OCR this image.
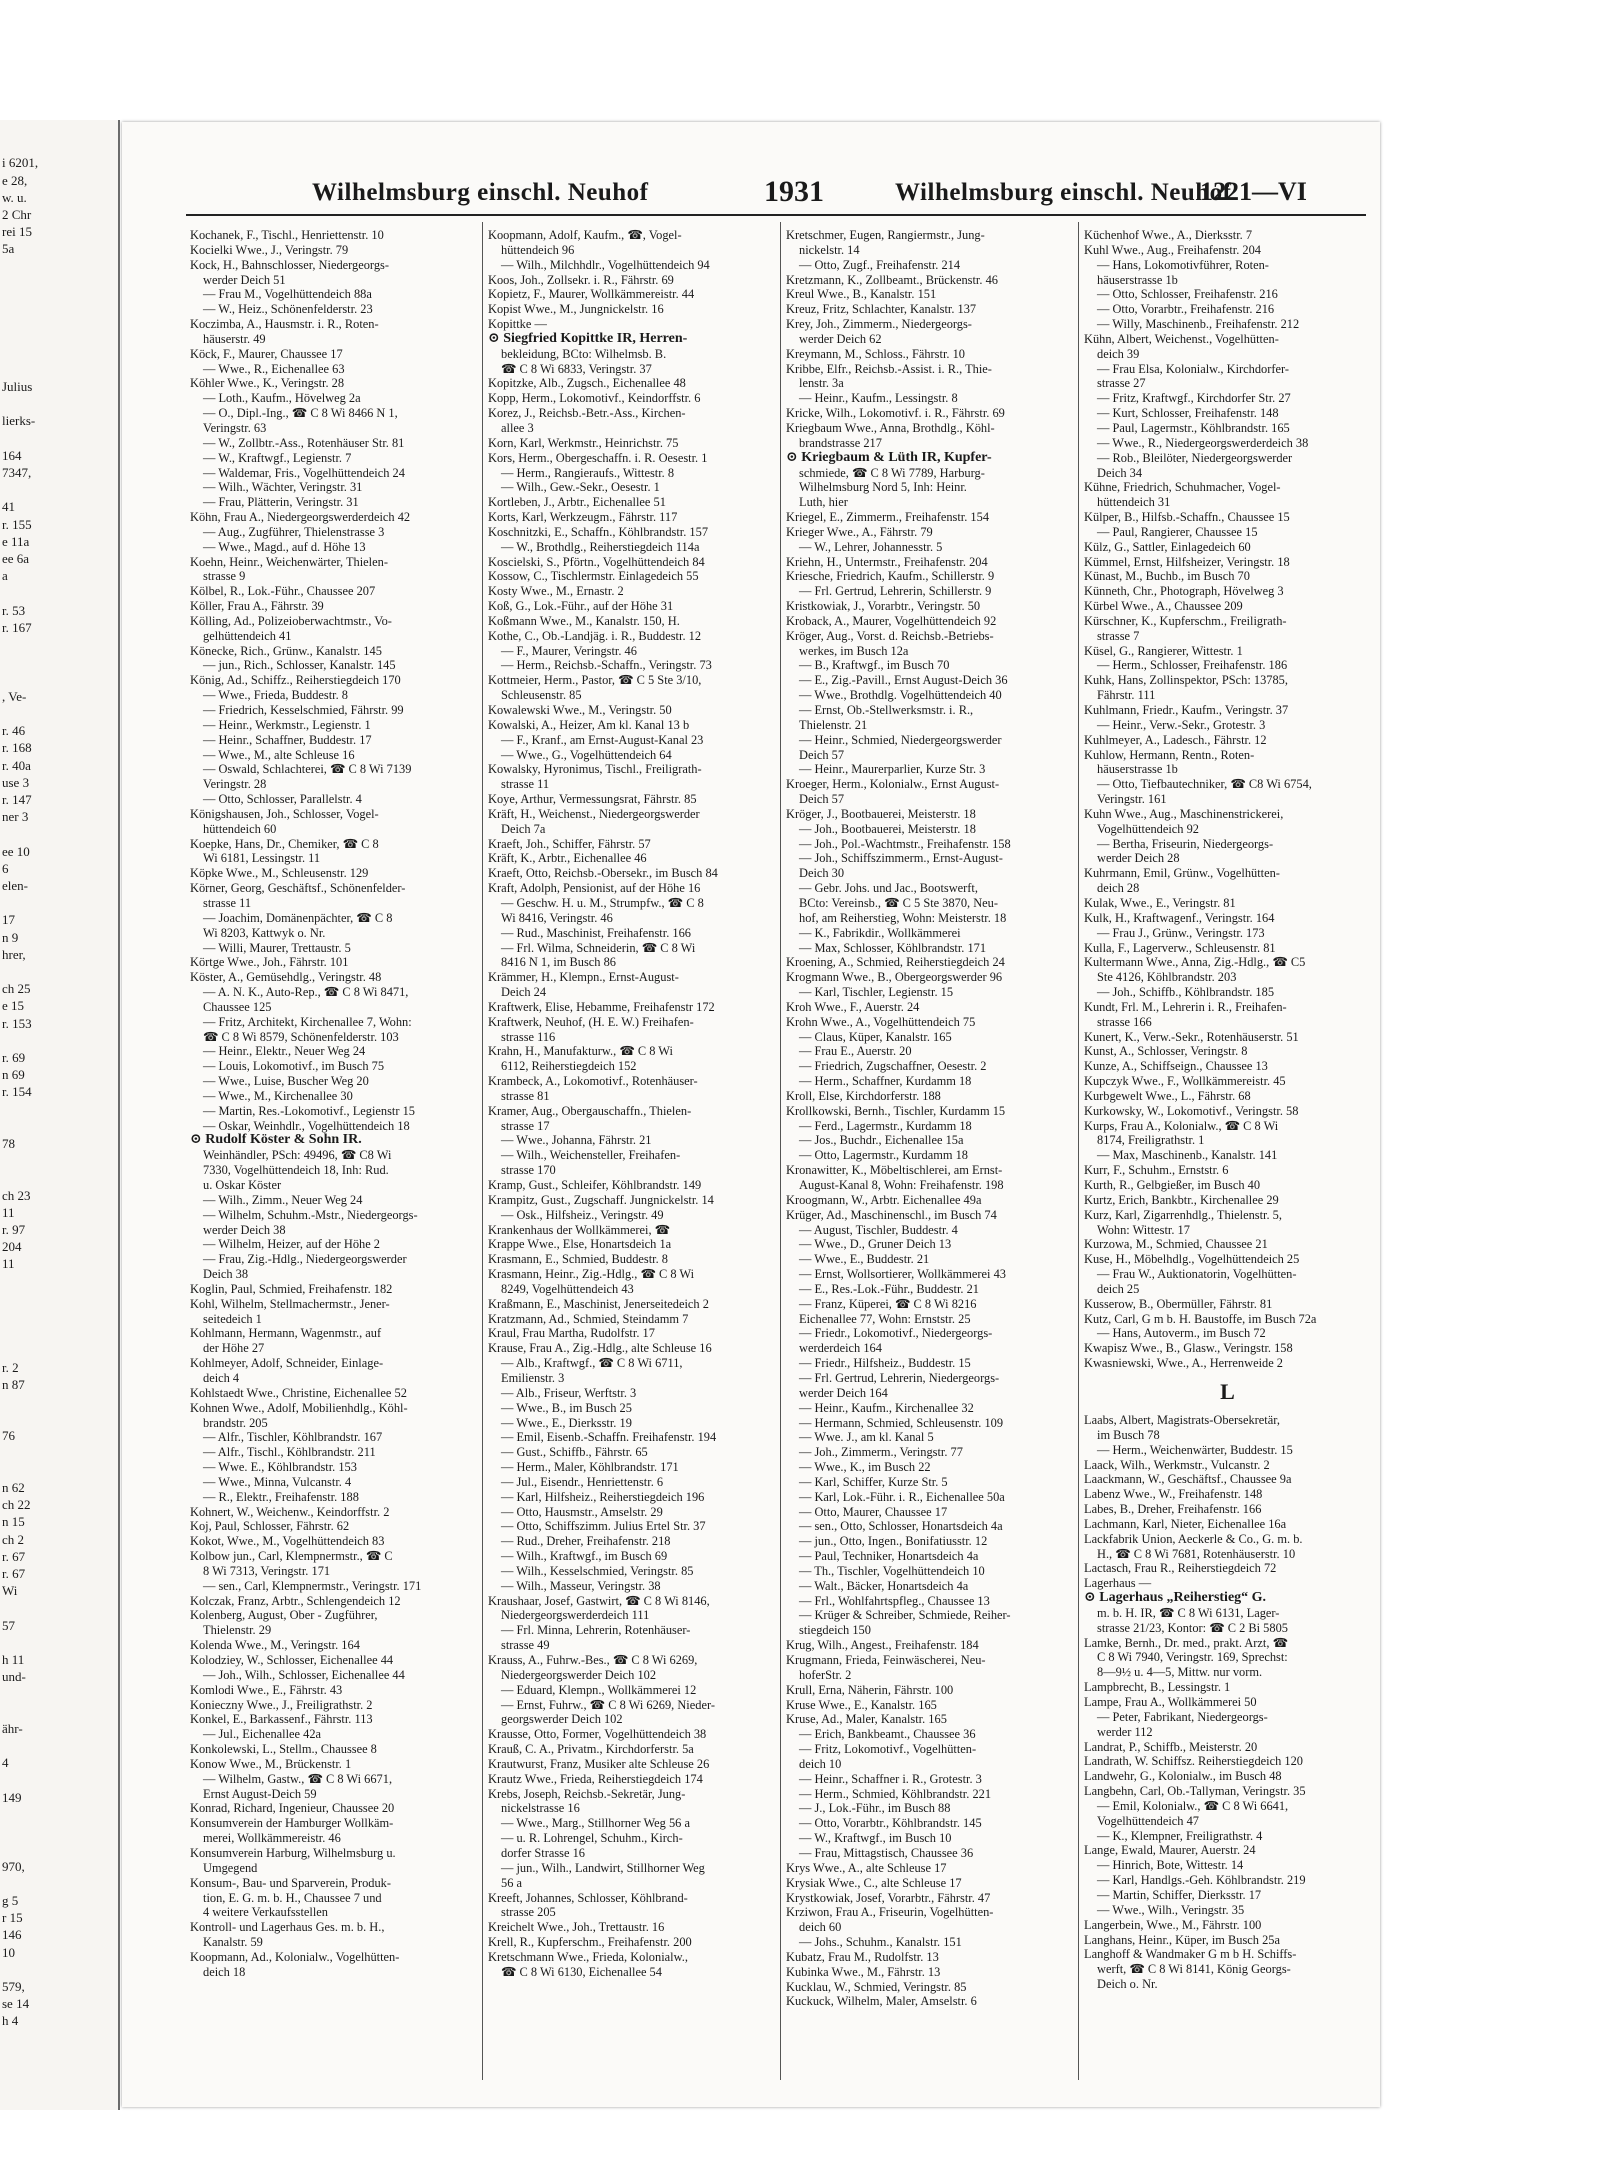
i 6201,
e 28,
w. u.
2 Chr
rei 15
5a

Julius

lierks-

164
7347,

41
r. 155
e 11a
ee 6a
a

r. 53
r. 167

, Ve-

r. 46
r. 168
r. 40a
use 3
r. 147
ner 3

ee 10
6
elen-

17
n 9
hrer,

ch 25
e 15
r. 153

r. 69
n 69
r. 154

78

ch 23
11
r. 97
204
11

r. 2
n 87

76

n 62
ch 22
n 15
ch 2
r. 67
r. 67
Wi

57

h 11
und-

ähr-

4

149

970,

g 5
r 15
146
10

579,
se 14
h 4

Wilhelmsburg einschl. Neuhof	1931	Wilhelmsburg einschl. Neuhof
1221—VI
Kochanek, F., Tischl., Henriettenstr. 10
Kocielki Wwe., J., Veringstr. 79
Kock, H., Bahnschlosser, Niedergeorgs-
werder Deich 51
— Frau M., Vogelhüttendeich 88a
— W., Heiz., Schönenfelderstr. 23
Koczimba, A., Hausmstr. i. R., Roten-
häuserstr. 49
Köck, F., Maurer, Chaussee 17
— Wwe., R., Eichenallee 63
Köhler Wwe., K., Veringstr. 28
— Loth., Kaufm., Hövelweg 2a
— O., Dipl.-Ing., ☎ C 8 Wi 8466 N 1,
Veringstr. 63
— W., Zollbtr.-Ass., Rotenhäuser Str. 81
— W., Kraftwgf., Legienstr. 7
— Waldemar, Fris., Vogelhüttendeich 24
— Wilh., Wächter, Veringstr. 31
— Frau, Plätterin, Veringstr. 31
Köhn, Frau A., Niedergeorgswerderdeich 42
— Aug., Zugführer, Thielenstrasse 3
— Wwe., Magd., auf d. Höhe 13
Koehn, Heinr., Weichenwärter, Thielen-
strasse 9
Kölbel, R., Lok.-Führ., Chaussee 207
Köller, Frau A., Fährstr. 39
Kölling, Ad., Polizeioberwachtmstr., Vo-
gelhüttendeich 41
Könecke, Rich., Grünw., Kanalstr. 145
— jun., Rich., Schlosser, Kanalstr. 145
König, Ad., Schiffz., Reiherstiegdeich 170
— Wwe., Frieda, Buddestr. 8
— Friedrich, Kesselschmied, Fährstr. 99
— Heinr., Werkmstr., Legienstr. 1
— Heinr., Schaffner, Buddestr. 17
— Wwe., M., alte Schleuse 16
— Oswald, Schlachterei, ☎ C 8 Wi 7139
Veringstr. 28
— Otto, Schlosser, Parallelstr. 4
Königshausen, Joh., Schlosser, Vogel-
hüttendeich 60
Koepke, Hans, Dr., Chemiker, ☎ C 8
Wi 6181, Lessingstr. 11
Köpke Wwe., M., Schleusenstr. 129
Körner, Georg, Geschäftsf., Schönenfelder-
strasse 11
— Joachim, Domänenpächter, ☎ C 8
Wi 8203, Kattwyk o. Nr.
— Willi, Maurer, Trettaustr. 5
Körtge Wwe., Joh., Fährstr. 101
Köster, A., Gemüsehdlg., Veringstr. 48
— A. N. K., Auto-Rep., ☎ C 8 Wi 8471,
Chaussee 125
— Fritz, Architekt, Kirchenallee 7, Wohn:
☎ C 8 Wi 8579, Schönenfelderstr. 103
— Heinr., Elektr., Neuer Weg 24
— Louis, Lokomotivf., im Busch 75
— Wwe., Luise, Buscher Weg 20
— Wwe., M., Kirchenallee 30
— Martin, Res.-Lokomotivf., Legienstr 15
— Oskar, Weinhdlr., Vogelhüttendeich 18
⊙ Rudolf Köster & Sohn IR.
Weinhändler, PSch: 49496, ☎ C8 Wi
7330, Vogelhüttendeich 18, Inh: Rud.
u. Oskar Köster
— Wilh., Zimm., Neuer Weg 24
— Wilhelm, Schuhm.-Mstr., Niedergeorgs-
werder Deich 38
— Wilhelm, Heizer, auf der Höhe 2
— Frau, Zig.-Hdlg., Niedergeorgswerder
Deich 38
Koglin, Paul, Schmied, Freihafenstr. 182
Kohl, Wilhelm, Stellmachermstr., Jener-
seitedeich 1
Kohlmann, Hermann, Wagenmstr., auf
der Höhe 27
Kohlmeyer, Adolf, Schneider, Einlage-
deich 4
Kohlstaedt Wwe., Christine, Eichenallee 52
Kohnen Wwe., Adolf, Mobilienhdlg., Köhl-
brandstr. 205
— Alfr., Tischler, Köhlbrandstr. 167
— Alfr., Tischl., Köhlbrandstr. 211
— Wwe. E., Köhlbrandstr. 153
— Wwe., Minna, Vulcanstr. 4
— R., Elektr., Freihafenstr. 188
Kohnert, W., Weichenw., Keindorffstr. 2
Koj, Paul, Schlosser, Fährstr. 62
Kokot, Wwe., M., Vogelhüttendeich 83
Kolbow jun., Carl, Klempnermstr., ☎ C
8 Wi 7313, Veringstr. 171
— sen., Carl, Klempnermstr., Veringstr. 171
Kolczak, Franz, Arbtr., Schlengendeich 12
Kolenberg, August, Ober - Zugführer,
Thielenstr. 29
Kolenda Wwe., M., Veringstr. 164
Kolodziey, W., Schlosser, Eichenallee 44
— Joh., Wilh., Schlosser, Eichenallee 44
Komlodi Wwe., E., Fährstr. 43
Konieczny Wwe., J., Freiligrathstr. 2
Konkel, E., Barkassenf., Fährstr. 113
— Jul., Eichenallee 42a
Konkolewski, L., Stellm., Chaussee 8
Konow Wwe., M., Brückenstr. 1
— Wilhelm, Gastw., ☎ C 8 Wi 6671,
Ernst August-Deich 59
Konrad, Richard, Ingenieur, Chaussee 20
Konsumverein der Hamburger Wollkäm-
merei, Wollkämmereistr. 46
Konsumverein Harburg, Wilhelmsburg u.
Umgegend
Konsum-, Bau- und Sparverein, Produk-
tion, E. G. m. b. H., Chaussee 7 und
4 weitere Verkaufsstellen
Kontroll- und Lagerhaus Ges. m. b. H.,
Kanalstr. 59
Koopmann, Ad., Kolonialw., Vogelhütten-
deich 18
Koopmann, Adolf, Kaufm., ☎, Vogel-
hüttendeich 96
— Wilh., Milchhdlr., Vogelhüttendeich 94
Koos, Joh., Zollsekr. i. R., Fährstr. 69
Kopietz, F., Maurer, Wollkämmereistr. 44
Kopist Wwe., M., Jungnickelstr. 16
Kopittke —
⊙ Siegfried Kopittke IR, Herren-
bekleidung, BCto: Wilhelmsb. B.
☎ C 8 Wi 6833, Veringstr. 37
Kopitzke, Alb., Zugsch., Eichenallee 48
Kopp, Herm., Lokomotivf., Keindorffstr. 6
Korez, J., Reichsb.-Betr.-Ass., Kirchen-
allee 3
Korn, Karl, Werkmstr., Heinrichstr. 75
Kors, Herm., Obergeschaffn. i. R. Oesestr. 1
— Herm., Rangieraufs., Wittestr. 8
— Wilh., Gew.-Sekr., Oesestr. 1
Kortleben, J., Arbtr., Eichenallee 51
Korts, Karl, Werkzeugm., Fährstr. 117
Koschnitzki, E., Schaffn., Köhlbrandstr. 157
— W., Brothdlg., Reiherstiegdeich 114a
Koscielski, S., Pförtn., Vogelhüttendeich 84
Kossow, C., Tischlermstr. Einlagedeich 55
Kosty Wwe., M., Ernastr. 2
Koß, G., Lok.-Führ., auf der Höhe 31
Koßmann Wwe., M., Kanalstr. 150, H.
Kothe, C., Ob.-Landjäg. i. R., Buddestr. 12
— F., Maurer, Veringstr. 46
— Herm., Reichsb.-Schaffn., Veringstr. 73
Kottmeier, Herm., Pastor, ☎ C 5 Ste 3/10,
Schleusenstr. 85
Kowalewski Wwe., M., Veringstr. 50
Kowalski, A., Heizer, Am kl. Kanal 13 b
— F., Kranf., am Ernst-August-Kanal 23
— Wwe., G., Vogelhüttendeich 64
Kowalsky, Hyronimus, Tischl., Freiligrath-
strasse 11
Koye, Arthur, Vermessungsrat, Fährstr. 85
Kräft, H., Weichenst., Niedergeorgswerder
Deich 7a
Kraeft, Joh., Schiffer, Fährstr. 57
Kräft, K., Arbtr., Eichenallee 46
Kraeft, Otto, Reichsb.-Obersekr., im Busch 84
Kraft, Adolph, Pensionist, auf der Höhe 16
— Geschw. H. u. M., Strumpfw., ☎ C 8
Wi 8416, Veringstr. 46
— Rud., Maschinist, Freihafenstr. 166
— Frl. Wilma, Schneiderin, ☎ C 8 Wi
8416 N 1, im Busch 86
Krämmer, H., Klempn., Ernst-August-
Deich 24
Kraftwerk, Elise, Hebamme, Freihafenstr 172
Kraftwerk, Neuhof, (H. E. W.) Freihafen-
strasse 116
Krahn, H., Manufakturw., ☎ C 8 Wi
6112, Reiherstiegdeich 152
Krambeck, A., Lokomotivf., Rotenhäuser-
strasse 81
Kramer, Aug., Obergauschaffn., Thielen-
strasse 17
— Wwe., Johanna, Fährstr. 21
— Wilh., Weichensteller, Freihafen-
strasse 170
Kramp, Gust., Schleifer, Köhlbrandstr. 149
Krampitz, Gust., Zugschaff. Jungnickelstr. 14
— Osk., Hilfsheiz., Veringstr. 49
Krankenhaus der Wollkämmerei, ☎
Krappe Wwe., Else, Honartsdeich 1a
Krasmann, E., Schmied, Buddestr. 8
Krasmann, Heinr., Zig.-Hdlg., ☎ C 8 Wi
8249, Vogelhüttendeich 43
Kraßmann, E., Maschinist, Jenerseitedeich 2
Kratzmann, Ad., Schmied, Steindamm 7
Kraul, Frau Martha, Rudolfstr. 17
Krause, Frau A., Zig.-Hdlg., alte Schleuse 16
— Alb., Kraftwgf., ☎ C 8 Wi 6711,
Emilienstr. 3
— Alb., Friseur, Werftstr. 3
— Wwe., B., im Busch 25
— Wwe., E., Dierksstr. 19
— Emil, Eisenb.-Schaffn. Freihafenstr. 194
— Gust., Schiffb., Fährstr. 65
— Herm., Maler, Köhlbrandstr. 171
— Jul., Eisendr., Henriettenstr. 6
— Karl, Hilfsheiz., Reiherstiegdeich 196
— Otto, Hausmstr., Amselstr. 29
— Otto, Schiffszimm. Julius Ertel Str. 37
— Rud., Dreher, Freihafenstr. 218
— Wilh., Kraftwgf., im Busch 69
— Wilh., Kesselschmied, Veringstr. 85
— Wilh., Masseur, Veringstr. 38
Kraushaar, Josef, Gastwirt, ☎ C 8 Wi 8146,
Niedergeorgswerderdeich 111
— Frl. Minna, Lehrerin, Rotenhäuser-
strasse 49
Krauss, A., Fuhrw.-Bes., ☎ C 8 Wi 6269,
Niedergeorgswerder Deich 102
— Eduard, Klempn., Wollkämmerei 12
— Ernst, Fuhrw., ☎ C 8 Wi 6269, Nieder-
georgswerder Deich 102
Krausse, Otto, Former, Vogelhüttendeich 38
Krauß, C. A., Privatm., Kirchdorferstr. 5a
Krautwurst, Franz, Musiker alte Schleuse 26
Krautz Wwe., Frieda, Reiherstiegdeich 174
Krebs, Joseph, Reichsb.-Sekretär, Jung-
nickelstrasse 16
— Wwe., Marg., Stillhorner Weg 56 a
— u. R. Lohrengel, Schuhm., Kirch-
dorfer Strasse 16
— jun., Wilh., Landwirt, Stillhorner Weg
56 a
Kreeft, Johannes, Schlosser, Köhlbrand-
strasse 205
Kreichelt Wwe., Joh., Trettaustr. 16
Krell, R., Kupferschm., Freihafenstr. 200
Kretschmann Wwe., Frieda, Kolonialw.,
☎ C 8 Wi 6130, Eichenallee 54
Kretschmer, Eugen, Rangiermstr., Jung-
nickelstr. 14
— Otto, Zugf., Freihafenstr. 214
Kretzmann, K., Zollbeamt., Brückenstr. 46
Kreul Wwe., B., Kanalstr. 151
Kreuz, Fritz, Schlachter, Kanalstr. 137
Krey, Joh., Zimmerm., Niedergeorgs-
werder Deich 62
Kreymann, M., Schloss., Fährstr. 10
Kribbe, Elfr., Reichsb.-Assist. i. R., Thie-
lenstr. 3a
— Heinr., Kaufm., Lessingstr. 8
Kricke, Wilh., Lokomotivf. i. R., Fährstr. 69
Kriegbaum Wwe., Anna, Brothdlg., Köhl-
brandstrasse 217
⊙ Kriegbaum & Lüth IR, Kupfer-
schmiede, ☎ C 8 Wi 7789, Harburg-
Wilhelmsburg Nord 5, Inh: Heinr.
Luth, hier
Kriegel, E., Zimmerm., Freihafenstr. 154
Krieger Wwe., A., Fährstr. 79
— W., Lehrer, Johannesstr. 5
Kriehn, H., Untermstr., Freihafenstr. 204
Kriesche, Friedrich, Kaufm., Schillerstr. 9
— Frl. Gertrud, Lehrerin, Schillerstr. 9
Kristkowiak, J., Vorarbtr., Veringstr. 50
Kroback, A., Maurer, Vogelhüttendeich 92
Kröger, Aug., Vorst. d. Reichsb.-Betriebs-
werkes, im Busch 12a
— B., Kraftwgf., im Busch 70
— E., Zig.-Pavill., Ernst August-Deich 36
— Wwe., Brothdlg. Vogelhüttendeich 40
— Ernst, Ob.-Stellwerksmstr. i. R.,
Thielenstr. 21
— Heinr., Schmied, Niedergeorgswerder
Deich 57
— Heinr., Maurerparlier, Kurze Str. 3
Kroeger, Herm., Kolonialw., Ernst August-
Deich 57
Kröger, J., Bootbauerei, Meisterstr. 18
— Joh., Bootbauerei, Meisterstr. 18
— Joh., Pol.-Wachtmstr., Freihafenstr. 158
— Joh., Schiffszimmerm., Ernst-August-
Deich 30
— Gebr. Johs. und Jac., Bootswerft,
BCto: Vereinsb., ☎ C 5 Ste 3870, Neu-
hof, am Reiherstieg, Wohn: Meisterstr. 18
— K., Fabrikdir., Wollkämmerei
— Max, Schlosser, Köhlbrandstr. 171
Kroening, A., Schmied, Reiherstiegdeich 24
Krogmann Wwe., B., Obergeorgswerder 96
— Karl, Tischler, Legienstr. 15
Kroh Wwe., F., Auerstr. 24
Krohn Wwe., A., Vogelhüttendeich 75
— Claus, Küper, Kanalstr. 165
— Frau E., Auerstr. 20
— Friedrich, Zugschaffner, Oesestr. 2
— Herm., Schaffner, Kurdamm 18
Kroll, Else, Kirchdorferstr. 188
Krollkowski, Bernh., Tischler, Kurdamm 15
— Ferd., Lagermstr., Kurdamm 18
— Jos., Buchdr., Eichenallee 15a
— Otto, Lagermstr., Kurdamm 18
Kronawitter, K., Möbeltischlerei, am Ernst-
August-Kanal 8, Wohn: Freihafenstr. 198
Kroogmann, W., Arbtr. Eichenallee 49a
Krüger, Ad., Maschinenschl., im Busch 74
— August, Tischler, Buddestr. 4
— Wwe., D., Gruner Deich 13
— Wwe., E., Buddestr. 21
— Ernst, Wollsortierer, Wollkämmerei 43
— E., Res.-Lok.-Führ., Buddestr. 21
— Franz, Küperei, ☎ C 8 Wi 8216
Eichenallee 77, Wohn: Ernststr. 25
— Friedr., Lokomotivf., Niedergeorgs-
werderdeich 164
— Friedr., Hilfsheiz., Buddestr. 15
— Frl. Gertrud, Lehrerin, Niedergeorgs-
werder Deich 164
— Heinr., Kaufm., Kirchenallee 32
— Hermann, Schmied, Schleusenstr. 109
— Wwe. J., am kl. Kanal 5
— Joh., Zimmerm., Veringstr. 77
— Wwe., K., im Busch 22
— Karl, Schiffer, Kurze Str. 5
— Karl, Lok.-Führ. i. R., Eichenallee 50a
— Otto, Maurer, Chaussee 17
— sen., Otto, Schlosser, Honartsdeich 4a
— jun., Otto, Ingen., Bonifatiusstr. 12
— Paul, Techniker, Honartsdeich 4a
— Th., Tischler, Vogelhüttendeich 10
— Walt., Bäcker, Honartsdeich 4a
— Frl., Wohlfahrtspfleg., Chaussee 13
— Krüger & Schreiber, Schmiede, Reiher-
stiegdeich 150
Krug, Wilh., Angest., Freihafenstr. 184
Krugmann, Frieda, Feinwäscherei, Neu-
hoferStr. 2
Krull, Erna, Näherin, Fährstr. 100
Kruse Wwe., E., Kanalstr. 165
Kruse, Ad., Maler, Kanalstr. 165
— Erich, Bankbeamt., Chaussee 36
— Fritz, Lokomotivf., Vogelhütten-
deich 10
— Heinr., Schaffner i. R., Grotestr. 3
— Herm., Schmied, Köhlbrandstr. 221
— J., Lok.-Führ., im Busch 88
— Otto, Vorarbtr., Köhlbrandstr. 145
— W., Kraftwgf., im Busch 10
— Frau, Mittagstisch, Chaussee 36
Krys Wwe., A., alte Schleuse 17
Krysiak Wwe., C., alte Schleuse 17
Krystkowiak, Josef, Vorarbtr., Fährstr. 47
Krziwon, Frau A., Friseurin, Vogelhütten-
deich 60
— Johs., Schuhm., Kanalstr. 151
Kubatz, Frau M., Rudolfstr. 13
Kubinka Wwe., M., Fährstr. 13
Kucklau, W., Schmied, Veringstr. 85
Kuckuck, Wilhelm, Maler, Amselstr. 6
Küchenhof Wwe., A., Dierksstr. 7
Kuhl Wwe., Aug., Freihafenstr. 204
— Hans, Lokomotivführer, Roten-
häuserstrasse 1b
— Otto, Schlosser, Freihafenstr. 216
— Otto, Vorarbtr., Freihafenstr. 216
— Willy, Maschinenb., Freihafenstr. 212
Kühn, Albert, Weichenst., Vogelhütten-
deich 39
— Frau Elsa, Kolonialw., Kirchdorfer-
strasse 27
— Fritz, Kraftwgf., Kirchdorfer Str. 27
— Kurt, Schlosser, Freihafenstr. 148
— Paul, Lagermstr., Köhlbrandstr. 165
— Wwe., R., Niedergeorgswerderdeich 38
— Rob., Bleilöter, Niedergeorgswerder
Deich 34
Kühne, Friedrich, Schuhmacher, Vogel-
hüttendeich 31
Külper, B., Hilfsb.-Schaffn., Chaussee 15
— Paul, Rangierer, Chaussee 15
Külz, G., Sattler, Einlagedeich 60
Kümmel, Ernst, Hilfsheizer, Veringstr. 18
Künast, M., Buchb., im Busch 70
Künneth, Chr., Photograph, Hövelweg 3
Kürbel Wwe., A., Chaussee 209
Kürschner, K., Kupferschm., Freiligrath-
strasse 7
Küsel, G., Rangierer, Wittestr. 1
— Herm., Schlosser, Freihafenstr. 186
Kuhk, Hans, Zollinspektor, PSch: 13785,
Fährstr. 111
Kuhlmann, Friedr., Kaufm., Veringstr. 37
— Heinr., Verw.-Sekr., Grotestr. 3
Kuhlmeyer, A., Ladesch., Fährstr. 12
Kuhlow, Hermann, Rentn., Roten-
häuserstrasse 1b
— Otto, Tiefbautechniker, ☎ C8 Wi 6754,
Veringstr. 161
Kuhn Wwe., Aug., Maschinenstrickerei,
Vogelhüttendeich 92
— Bertha, Friseurin, Niedergeorgs-
werder Deich 28
Kuhrmann, Emil, Grünw., Vogelhütten-
deich 28
Kulak, Wwe., E., Veringstr. 81
Kulk, H., Kraftwagenf., Veringstr. 164
— Frau J., Grünw., Veringstr. 173
Kulla, F., Lagerverw., Schleusenstr. 81
Kultermann Wwe., Anna, Zig.-Hdlg., ☎ C5
Ste 4126, Köhlbrandstr. 203
— Joh., Schiffb., Köhlbrandstr. 185
Kundt, Frl. M., Lehrerin i. R., Freihafen-
strasse 166
Kunert, K., Verw.-Sekr., Rotenhäuserstr. 51
Kunst, A., Schlosser, Veringstr. 8
Kunze, A., Schiffseign., Chaussee 13
Kupczyk Wwe., F., Wollkämmereistr. 45
Kurbgewelt Wwe., L., Fährstr. 68
Kurkowsky, W., Lokomotivf., Veringstr. 58
Kurps, Frau A., Kolonialw., ☎ C 8 Wi
8174, Freiligrathstr. 1
— Max, Maschinenb., Kanalstr. 141
Kurr, F., Schuhm., Ernststr. 6
Kurth, R., Gelbgießer, im Busch 40
Kurtz, Erich, Bankbtr., Kirchenallee 29
Kurz, Karl, Zigarrenhdlg., Thielenstr. 5,
Wohn: Wittestr. 17
Kurzowa, M., Schmied, Chaussee 21
Kuse, H., Möbelhdlg., Vogelhüttendeich 25
— Frau W., Auktionatorin, Vogelhütten-
deich 25
Kusserow, B., Obermüller, Fährstr. 81
Kutz, Carl, G m b. H. Baustoffe, im Busch 72a
— Hans, Autoverm., im Busch 72
Kwapisz Wwe., B., Glasw., Veringstr. 158
Kwasniewski, Wwe., A., Herrenweide 2
L
Laabs, Albert, Magistrats-Obersekretär,
im Busch 78
— Herm., Weichenwärter, Buddestr. 15
Laack, Wilh., Werkmstr., Vulcanstr. 2
Laackmann, W., Geschäftsf., Chaussee 9a
Labenz Wwe., W., Freihafenstr. 148
Labes, B., Dreher, Freihafenstr. 166
Lachmann, Karl, Nieter, Eichenallee 16a
Lackfabrik Union, Aeckerle & Co., G. m. b.
H., ☎ C 8 Wi 7681, Rotenhäuserstr. 10
Lactasch, Frau R., Reiherstiegdeich 72
Lagerhaus —
⊙ Lagerhaus „Reiherstieg“ G.
m. b. H. IR, ☎ C 8 Wi 6131, Lager-
strasse 21/23, Kontor: ☎ C 2 Bi 5805
Lamke, Bernh., Dr. med., prakt. Arzt, ☎
C 8 Wi 7940, Veringstr. 169, Sprechst:
8—9½ u. 4—5, Mittw. nur vorm.
Lampbrecht, B., Lessingstr. 1
Lampe, Frau A., Wollkämmerei 50
— Peter, Fabrikant, Niedergeorgs-
werder 112
Landrat, P., Schiffb., Meisterstr. 20
Landrath, W. Schiffsz. Reiherstiegdeich 120
Landwehr, G., Kolonialw., im Busch 48
Langbehn, Carl, Ob.-Tallyman, Veringstr. 35
— Emil, Kolonialw., ☎ C 8 Wi 6641,
Vogelhüttendeich 47
— K., Klempner, Freiligrathstr. 4
Lange, Ewald, Maurer, Auerstr. 24
— Hinrich, Bote, Wittestr. 14
— Karl, Handlgs.-Geh. Köhlbrandstr. 219
— Martin, Schiffer, Dierksstr. 17
— Wwe., Wilh., Veringstr. 35
Langerbein, Wwe., M., Fährstr. 100
Langhans, Heinr., Küper, im Busch 25a
Langhoff & Wandmaker G m b H. Schiffs-
werft, ☎ C 8 Wi 8141, König Georgs-
Deich o. Nr.
